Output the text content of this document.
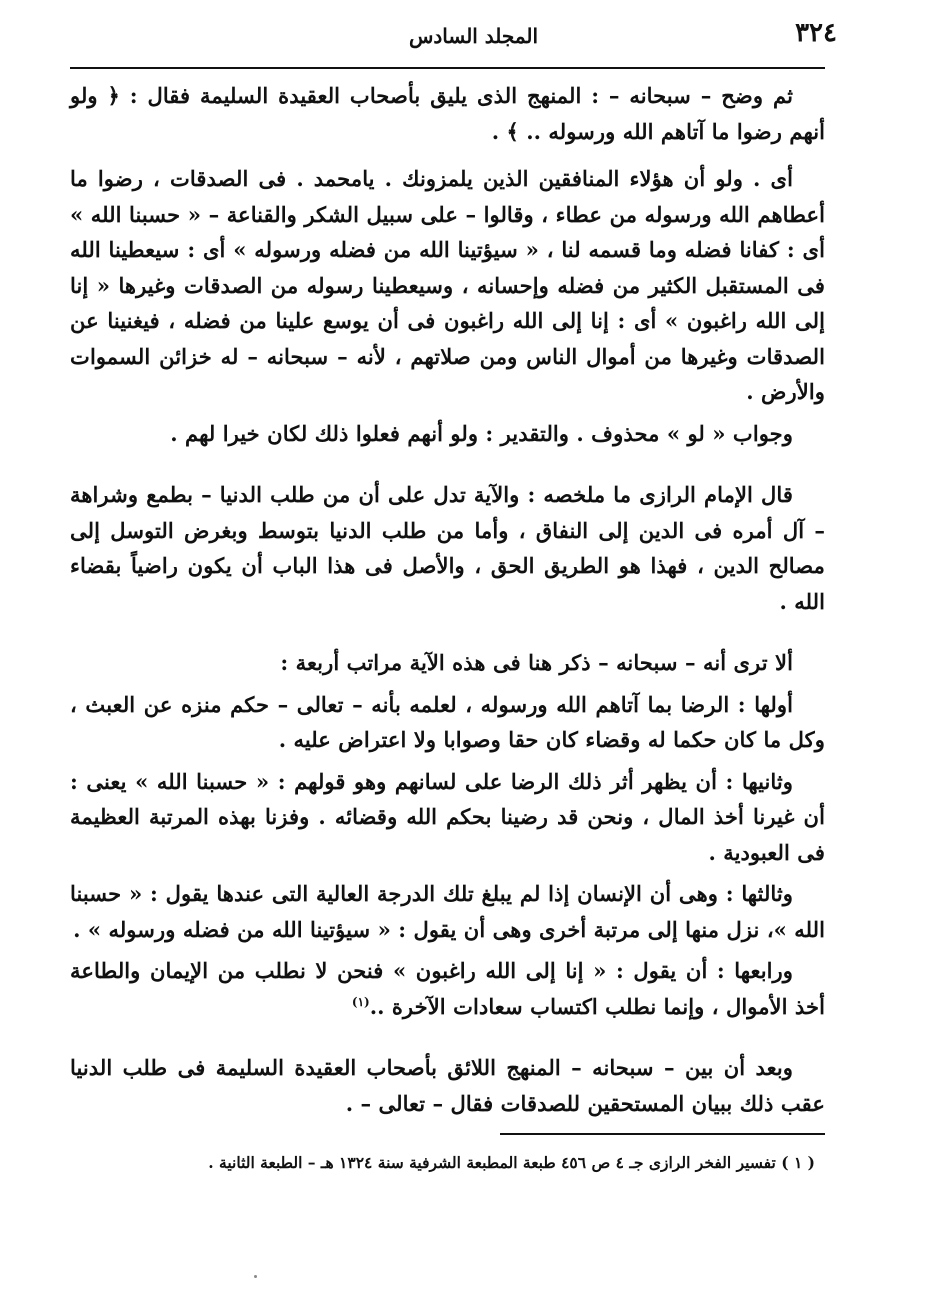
٣٢٤
المجلد السادس

ثم وضح – سبحانه – : المنهج الذى يليق بأصحاب العقيدة السليمة فقال : ﴿ ولو أنهم رضوا ما آتاهم الله ورسوله .. ﴾ .

أى . ولو أن هؤلاء المنافقين الذين يلمزونك . يامحمد . فى الصدقات ، رضوا ما أعطاهم الله ورسوله من عطاء ، وقالوا – على سبيل الشكر والقناعة – « حسبنا الله » أى : كفانا فضله وما قسمه لنا ، « سيؤتينا الله من فضله ورسوله » أى : سيعطينا الله فى المستقبل الكثير من فضله وإحسانه ، وسيعطينا رسوله من الصدقات وغيرها « إنا إلى الله راغبون » أى : إنا إلى الله راغبون فى أن يوسع علينا من فضله ، فيغنينا عن الصدقات وغيرها من أموال الناس ومن صلاتهم ، لأنه – سبحانه – له خزائن السموات والأرض .

وجواب « لو » محذوف . والتقدير : ولو أنهم فعلوا ذلك لكان خيرا لهم .

قال الإمام الرازى ما ملخصه : والآية تدل على أن من طلب الدنيا – بطمع وشراهة – آل أمره فى الدين إلى النفاق ، وأما من طلب الدنيا بتوسط وبغرض التوسل إلى مصالح الدين ، فهذا هو الطريق الحق ، والأصل فى هذا الباب أن يكون راضياً بقضاء الله .

ألا ترى أنه – سبحانه – ذكر هنا فى هذه الآية مراتب أربعة :

أولها : الرضا بما آتاهم الله ورسوله ، لعلمه بأنه – تعالى – حكم منزه عن العبث ، وكل ما كان حكما له وقضاء كان حقا وصوابا ولا اعتراض عليه .

وثانيها : أن يظهر أثر ذلك الرضا على لسانهم وهو قولهم : « حسبنا الله » يعنى : أن غيرنا أخذ المال ، ونحن قد رضينا بحكم الله وقضائه . وفزنا بهذه المرتبة العظيمة فى العبودية .

وثالثها : وهى أن الإنسان إذا لم يبلغ تلك الدرجة العالية التى عندها يقول : « حسبنا الله »، نزل منها إلى مرتبة أخرى وهى أن يقول : « سيؤتينا الله من فضله ورسوله » .

ورابعها : أن يقول : « إنا إلى الله راغبون » فنحن لا نطلب من الإيمان والطاعة أخذ الأموال ، وإنما نطلب اكتساب سعادات الآخرة ..$^{(١)}$

وبعد أن بين – سبحانه – المنهج اللائق بأصحاب العقيدة السليمة فى طلب الدنيا عقب ذلك ببيان المستحقين للصدقات فقال – تعالى – .

( ١ ) تفسير الفخر الرازى جـ ٤ ص ٤٥٦ طبعة المطبعة الشرفية سنة ١٣٢٤ هـ – الطبعة الثانية .
